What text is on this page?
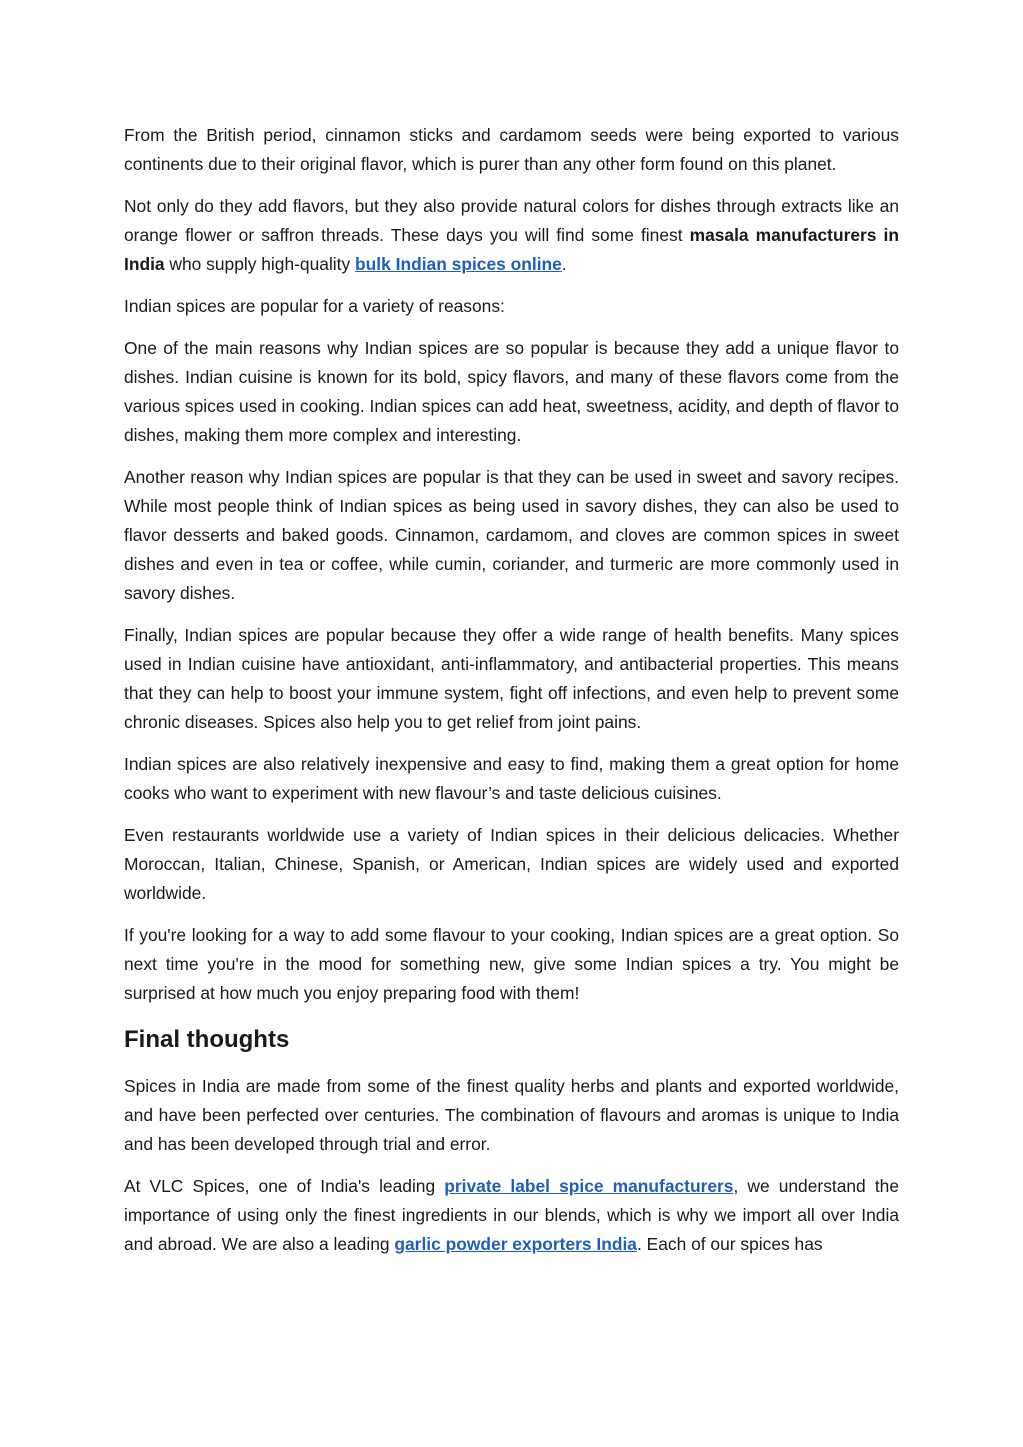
From the British period, cinnamon sticks and cardamom seeds were being exported to various continents due to their original flavor, which is purer than any other form found on this planet.

Not only do they add flavors, but they also provide natural colors for dishes through extracts like an orange flower or saffron threads. These days you will find some finest masala manufacturers in India who supply high-quality bulk Indian spices online.

Indian spices are popular for a variety of reasons:

One of the main reasons why Indian spices are so popular is because they add a unique flavor to dishes. Indian cuisine is known for its bold, spicy flavors, and many of these flavors come from the various spices used in cooking. Indian spices can add heat, sweetness, acidity, and depth of flavor to dishes, making them more complex and interesting.

Another reason why Indian spices are popular is that they can be used in sweet and savory recipes. While most people think of Indian spices as being used in savory dishes, they can also be used to flavor desserts and baked goods. Cinnamon, cardamom, and cloves are common spices in sweet dishes and even in tea or coffee, while cumin, coriander, and turmeric are more commonly used in savory dishes.

Finally, Indian spices are popular because they offer a wide range of health benefits. Many spices used in Indian cuisine have antioxidant, anti-inflammatory, and antibacterial properties. This means that they can help to boost your immune system, fight off infections, and even help to prevent some chronic diseases. Spices also help you to get relief from joint pains.

Indian spices are also relatively inexpensive and easy to find, making them a great option for home cooks who want to experiment with new flavour’s and taste delicious cuisines.

Even restaurants worldwide use a variety of Indian spices in their delicious delicacies. Whether Moroccan, Italian, Chinese, Spanish, or American, Indian spices are widely used and exported worldwide.

If you're looking for a way to add some flavour to your cooking, Indian spices are a great option. So next time you're in the mood for something new, give some Indian spices a try. You might be surprised at how much you enjoy preparing food with them!

Final thoughts

Spices in India are made from some of the finest quality herbs and plants and exported worldwide, and have been perfected over centuries. The combination of flavours and aromas is unique to India and has been developed through trial and error.

At VLC Spices, one of India's leading private label spice manufacturers, we understand the importance of using only the finest ingredients in our blends, which is why we import all over India and abroad. We are also a leading garlic powder exporters India. Each of our spices has
